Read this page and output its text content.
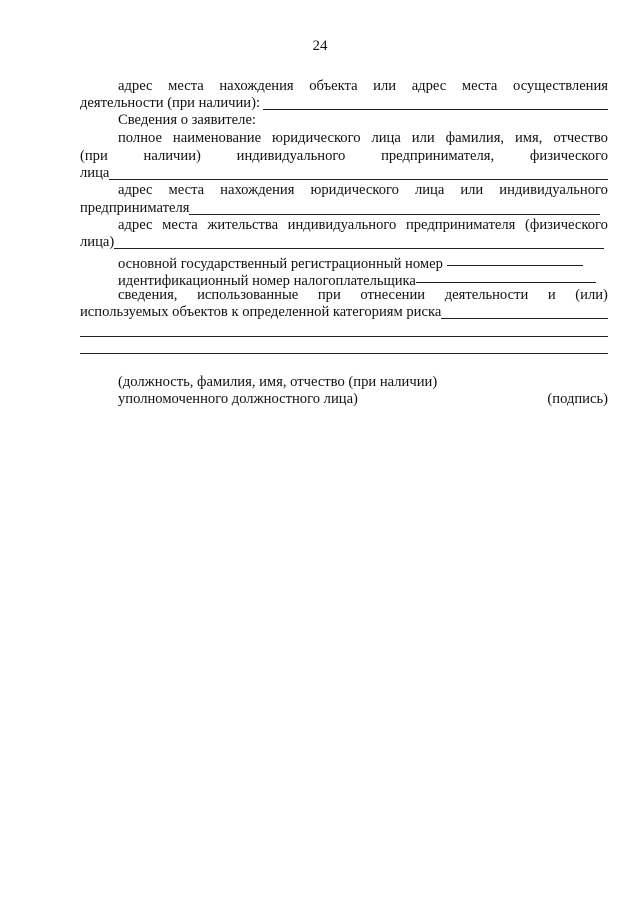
24
адрес места нахождения объекта или адрес места осуществления
деятельности (при наличии):
Сведения о заявителе:
полное наименование юридического лица или фамилия, имя, отчество
(при наличии) индивидуального предпринимателя, физического
лица
адрес места нахождения юридического лица или индивидуального
предпринимателя
адрес места жительства индивидуального предпринимателя (физического
лица)
основной государственный регистрационный номер
идентификационный номер налогоплательщика
сведения, использованные при отнесении деятельности и (или)
используемых объектов к определенной категориям риска
(должность, фамилия, имя, отчество (при наличии)
уполномоченного должностного лица)	(подпись)
